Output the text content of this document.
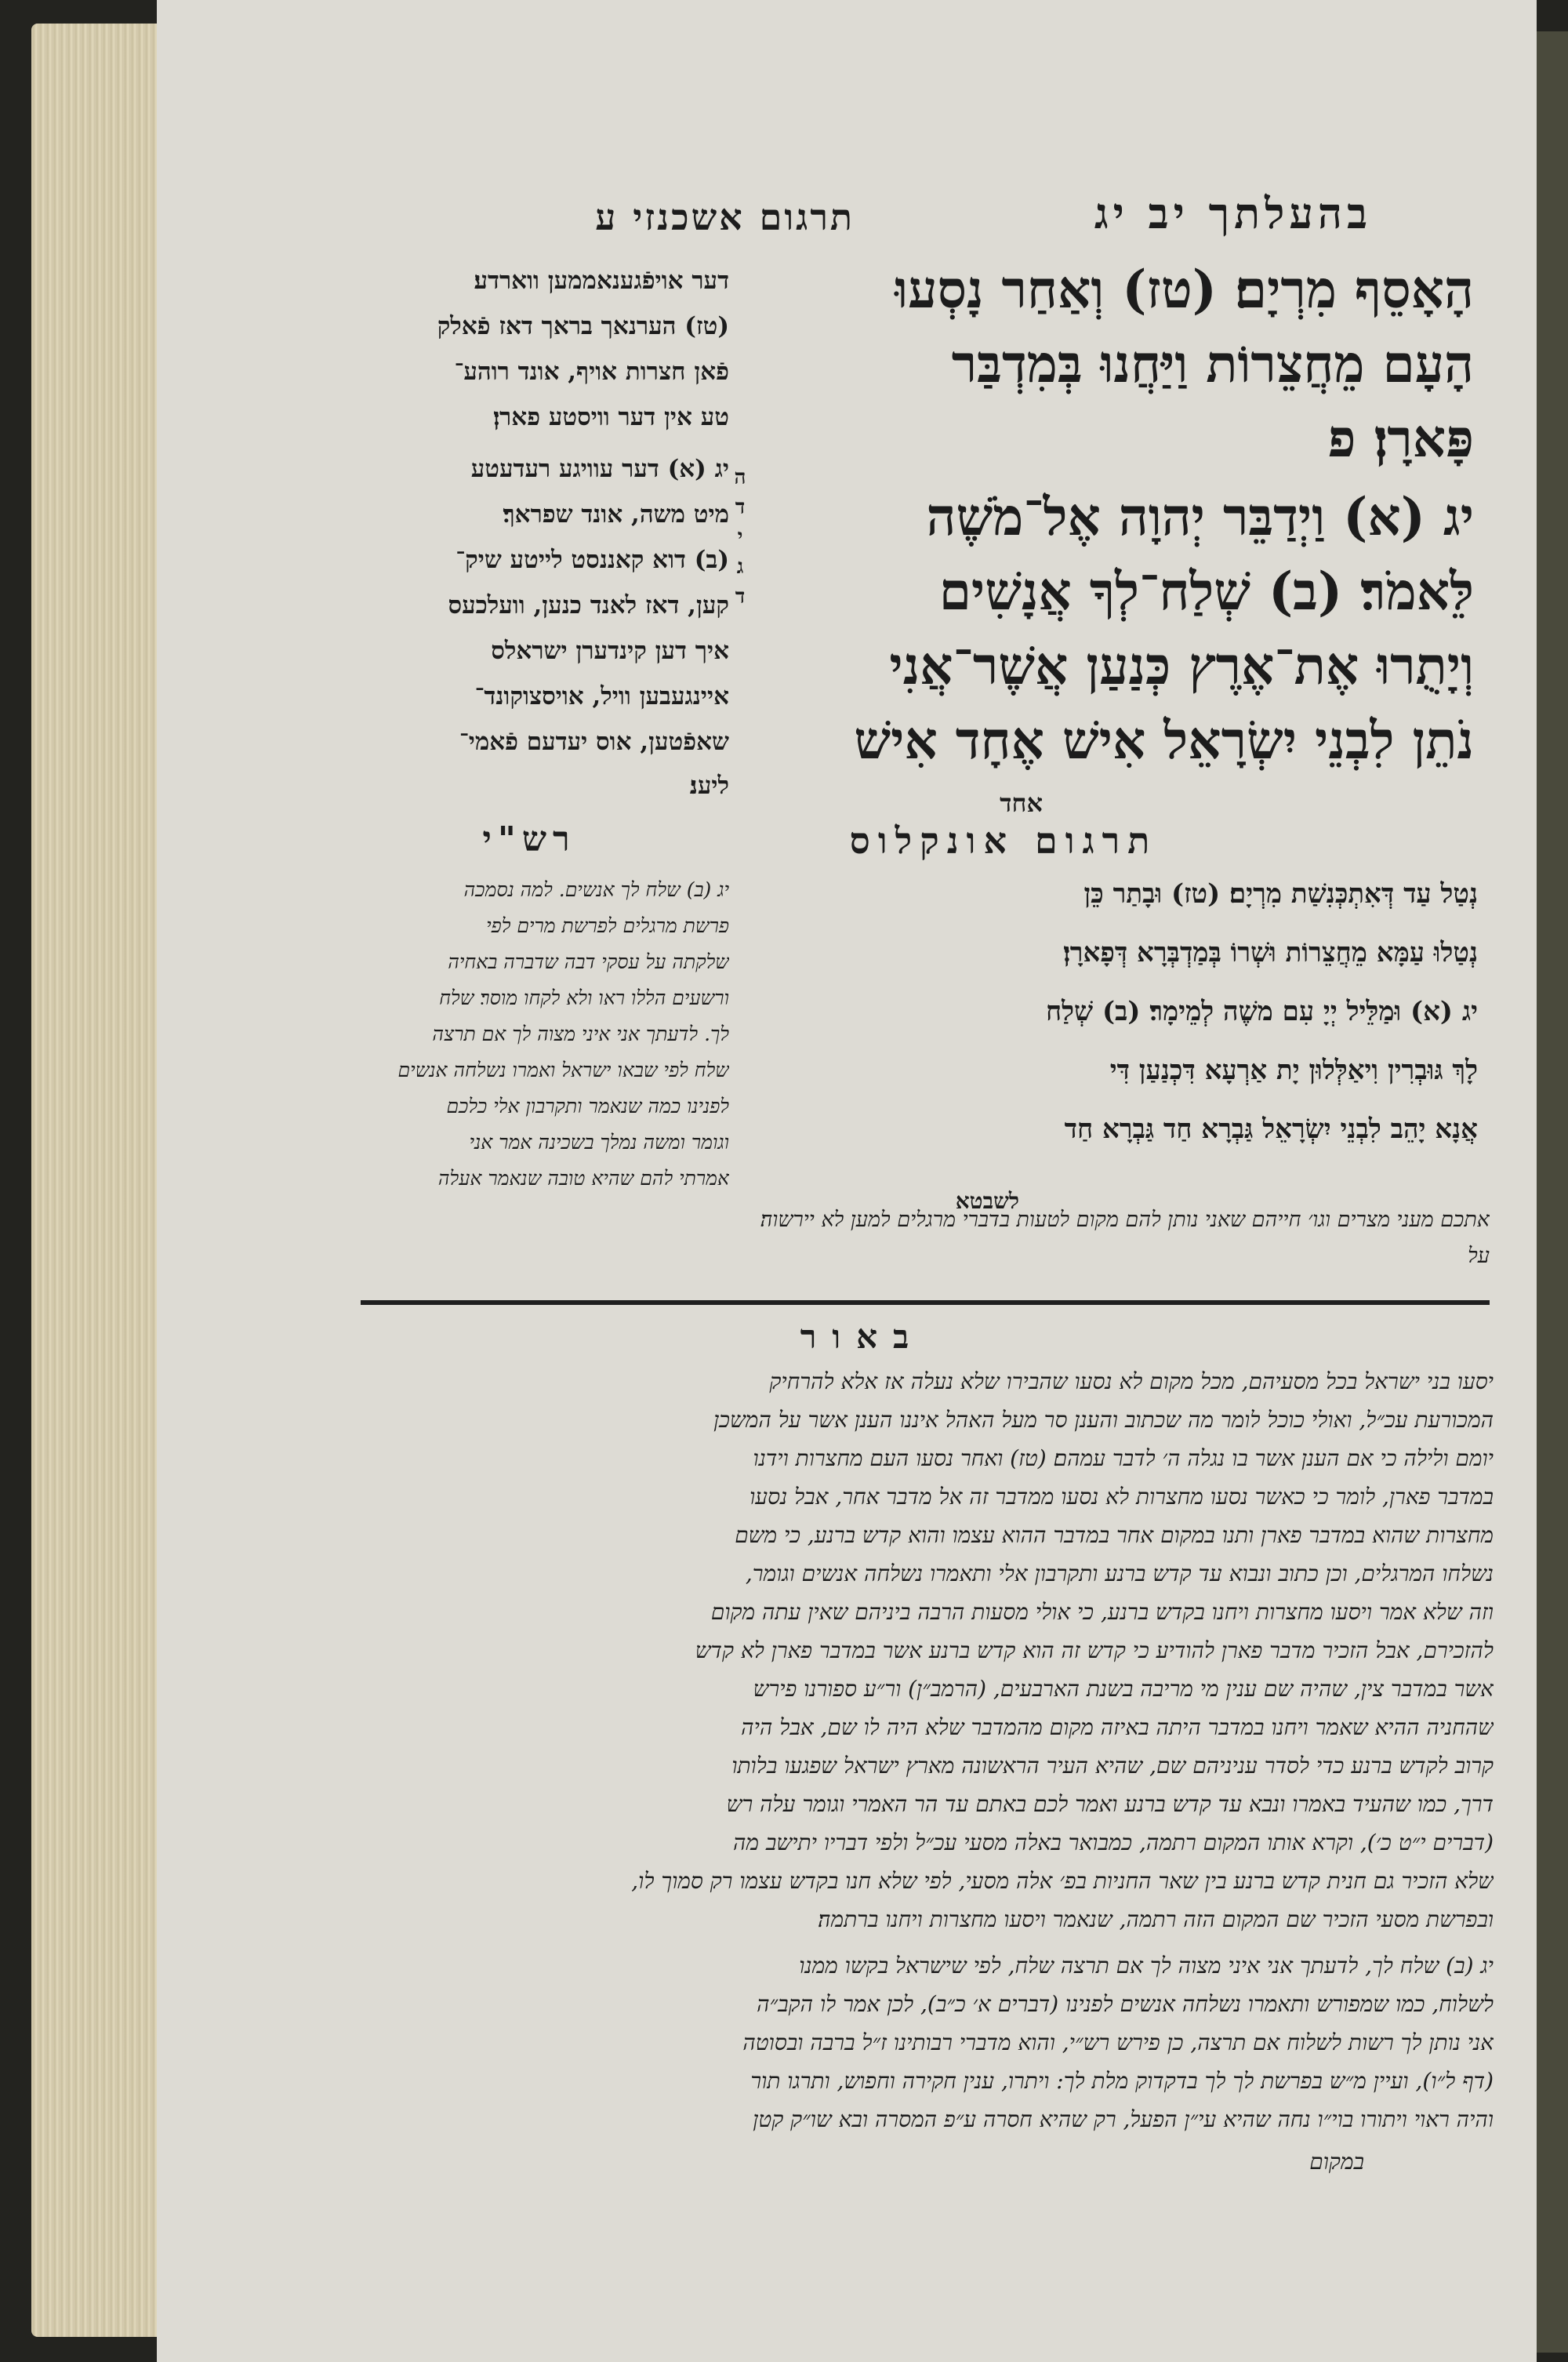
בהעלתך יב יג
תרגום אשכנזי ע
הָאָסֵף מִרְיָם׃ (טז) וְאַחַר נָסְעוּ
הָעָם מֵחֲצֵרוֹת וַיַּחֲנוּ בְּמִדְבַּר
פָּארָן׃ פ
יג (א) וַיְדַבֵּר יְהוָה אֶל־מֹשֶׁה
לֵּאמֹר׃ (ב) שְׁלַח־לְךָ אֲנָשִׁים
וְיָתֻרוּ אֶת־אֶרֶץ כְּנַעַן אֲשֶׁר־אֲנִי
נֹתֵן לִבְנֵי יִשְׂרָאֵל אִישׁ אֶחָד אִישׁ
אחד
ה
ד
י
ג
ד
דער אויפֿגענאממען ווארדע׃
(טז) הערנאך בראך דאז פֿאלק
פֿאן חצרות אויף, אונד רוהע־
טע אין דער וויסטע פארן׃
יג (א) דער עוויגע רעדעטע
מיט משה, אונד שפראך׃
(ב) דוא קאננסט לייטע שיק־
קען, דאז לאנד כנען, וועלכעס
איך דען קינדערן ישראלס
איינגעבען וויל, אויסצוקונד־
שאפֿטען, אוס יעדעם פֿאמי־
ליענ׃
תרגום אונקלוס
נְטַל עַד דְּאִתְכְּנִשַׁת מִרְיָם׃ (טז) וּבָתַר כֵּן
נְטַלוּ עַמָּא מֵחֲצֵרוֹת וּשְׁרוֹ בְּמַדְבְּרָא דְּפָארָן׃
יג (א) וּמַלֵּיל יְיָ עִם משֶׁה לְמֵימָר׃ (ב) שְׁלַח
לָךְ גּוּבְרִין וִיאַלְּלוּן יָת אַרְעָא דִּכְנַעַן דִּי
אֲנָא יָהֵב לִבְנֵי יִשְׂרָאֵל גַּבְרָא חַד גַּבְרָא חַד
לשבטא
רש"י
יג (ב) שלח לך אנשים. למה נסמכה
פרשת מרגלים לפרשת מרים לפי
שלקתה על עסקי דבה שדברה באחיה
ורשעים הללו ראו ולא לקחו מוסר׃ שלח
לך. לדעתך אני איני מצוה לך אם תרצה
שלח לפי שבאו ישראל ואמרו נשלחה אנשים
לפנינו כמה שנאמר ותקרבון אלי כלכם
וגומר ומשה נמלך בשכינה אמר אני
אמרתי להם שהיא טובה שנאמר אעלה
אתכם מעני מצרים וגו׳ חייהם שאני נותן להם מקום לטעות בדברי מרגלים למען לא יירשוה׃
על
באור
יסעו בני ישראל בכל מסעיהם, מכל מקום לא נסעו שהבירו שלא נעלה אז אלא להרחיק
המכורעת עכ״ל, ואולי כוכל לומר מה שכתוב והענן סר מעל האהל איננו הענן אשר על המשכן
יומם ולילה כי אם הענן אשר בו נגלה ה׳ לדבר עמהם׃ (טז) ואחר נסעו העם מחצרות וידנו
במדבר פארן, לומר כי כאשר נסעו מחצרות לא נסעו ממדבר זה אל מדבר אחר, אבל נסעו
מחצרות שהוא במדבר פארן ותנו במקום אחר במדבר ההוא עצמו והוא קדש ברנע, כי משם
נשלחו המרגלים, וכן כתוב ונבוא עד קדש ברנע ותקרבון אלי ותאמרו נשלחה אנשים וגומר,
וזה שלא אמר ויסעו מחצרות ויחנו בקדש ברנע, כי אולי מסעות הרבה ביניהם שאין עתה מקום
להזכירם, אבל הזכיר מדבר פארן להודיע כי קדש זה הוא קדש ברנע אשר במדבר פארן לא קדש
אשר במדבר צין, שהיה שם ענין מי מריבה בשנת הארבעים, (הרמב״ן) ור״ע ספורנו פירש
שהחניה ההיא שאמר ויחנו במדבר היתה באיזה מקום מהמדבר שלא היה לו שם, אבל היה
קרוב לקדש ברנע כדי לסדר עניניהם שם, שהיא העיר הראשונה מארץ ישראל שפגעו בלותו
דרך, כמו שהעיד באמרו ונבא עד קדש ברנע ואמר לכם באתם עד הר האמרי וגומר עלה רש
(דברים י״ט כ׳), וקרא אותו המקום רתמה, כמבואר באלה מסעי עכ״ל ולפי דבריו יתישב מה
שלא הזכיר גם חנית קדש ברנע בין שאר החניות בפ׳ אלה מסעי, לפי שלא חנו בקדש עצמו רק סמוך לו,
ובפרשת מסעי הזכיר שם המקום הזה רתמה, שנאמר ויסעו מחצרות ויחנו ברתמה׃
יג (ב) שלח לך, לדעתך אני איני מצוה לך אם תרצה שלח, לפי שישראל בקשו ממנו
לשלוח, כמו שמפורש ותאמרו נשלחה אנשים לפנינו (דברים א׳ כ״ב), לכן אמר לו הקב״ה
אני נותן לך רשות לשלוח אם תרצה, כן פירש רש״י, והוא מדברי רבותינו ז״ל ברבה ובסוטה
(דף ל״ו), ועיין מ״ש בפרשת לך לך בדקדוק מלת לך: ויתרו, ענין חקירה וחפוש, ותרגו תור
והיה ראוי ויתורו בוי״ו נחה שהיא עי״ן הפעל, רק שהיא חסרה ע״פ המסרה ובא שו״ק קטן
במקום
